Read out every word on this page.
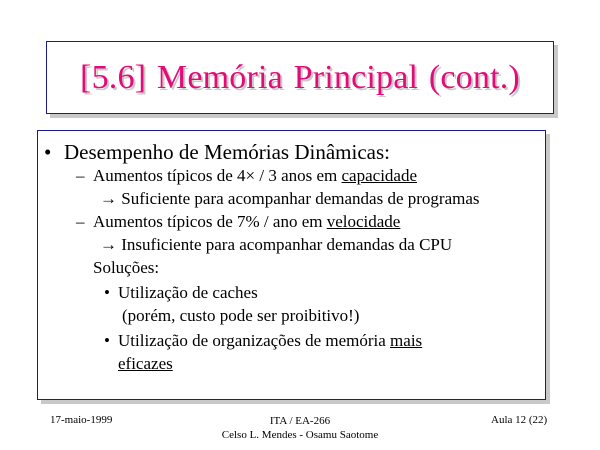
[5.6] Memória Principal (cont.)
• Desempenho de Memórias Dinâmicas:
– Aumentos típicos de 4× / 3 anos em capacidade
→ Suficiente para acompanhar demandas de programas
– Aumentos típicos de 7% / ano em velocidade
→ Insuficiente para acompanhar demandas da CPU
Soluções:
• Utilização de caches
(porém, custo pode ser proibitivo!)
• Utilização de organizações de memória mais
eficazes
17-maio-1999	ITA / EA-266
Celso L. Mendes - Osamu Saotome
Aula 12 (22)
